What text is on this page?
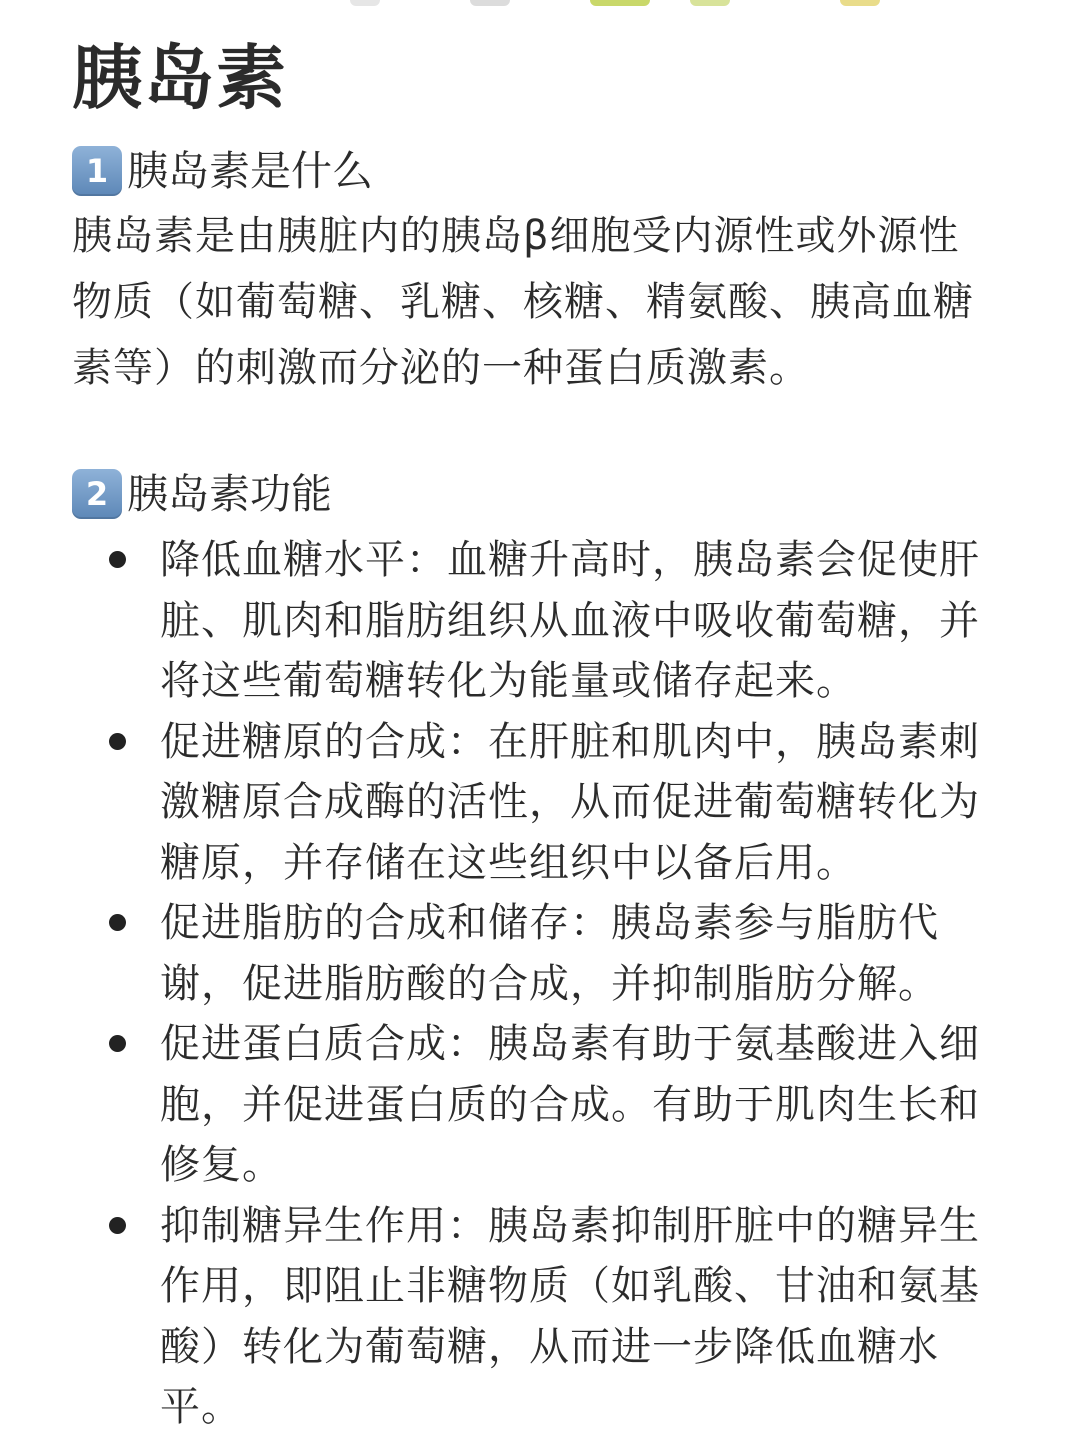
胰岛素
1 胰岛素是什么

胰岛素是由胰脏内的胰岛β细胞受内源性或外源性物质（如葡萄糖、乳糖、核糖、精氨酸、胰高血糖素等）的刺激而分泌的一种蛋白质激素。

2 胰岛素功能
降低血糖水平：血糖升高时，胰岛素会促使肝脏、肌肉和脂肪组织从血液中吸收葡萄糖，并将这些葡萄糖转化为能量或储存起来。
促进糖原的合成：在肝脏和肌肉中，胰岛素刺激糖原合成酶的活性，从而促进葡萄糖转化为糖原，并存储在这些组织中以备后用。
促进脂肪的合成和储存：胰岛素参与脂肪代谢，促进脂肪酸的合成，并抑制脂肪分解。
促进蛋白质合成：胰岛素有助于氨基酸进入细胞，并促进蛋白质的合成。有助于肌肉生长和修复。
抑制糖异生作用：胰岛素抑制肝脏中的糖异生作用，即阻止非糖物质（如乳酸、甘油和氨基酸）转化为葡萄糖，从而进一步降低血糖水平。
